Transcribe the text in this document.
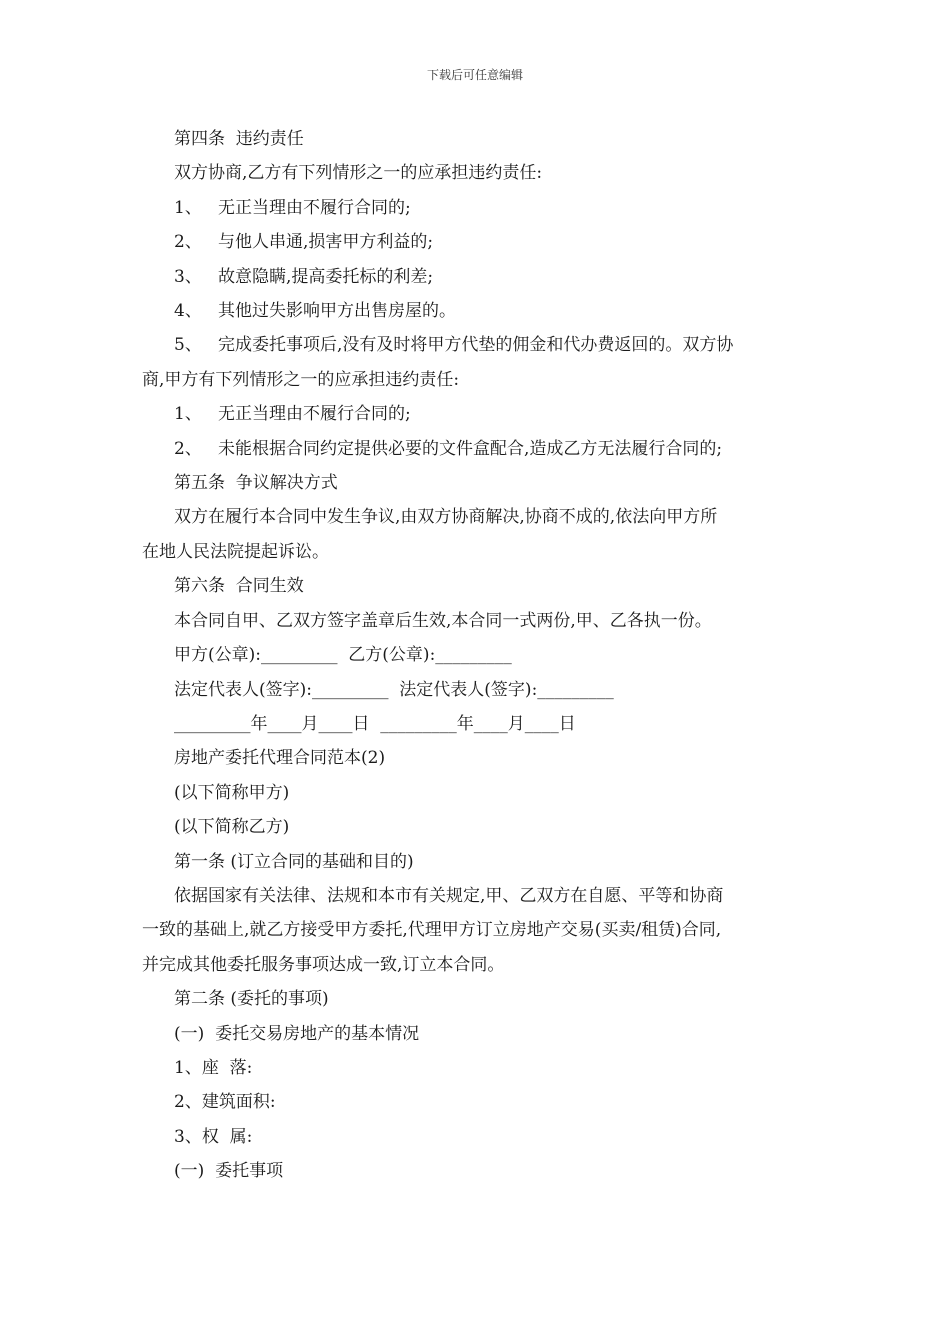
下载后可任意编辑

第四条  违约责任

双方协商,乙方有下列情形之一的应承担违约责任:

1、   无正当理由不履行合同的;

2、   与他人串通,损害甲方利益的;

3、   故意隐瞒,提高委托标的利差;

4、   其他过失影响甲方出售房屋的。

5、   完成委托事项后,没有及时将甲方代垫的佣金和代办费返回的。双方协

商,甲方有下列情形之一的应承担违约责任:

1、   无正当理由不履行合同的;

2、   未能根据合同约定提供必要的文件盒配合,造成乙方无法履行合同的;

第五条  争议解决方式

双方在履行本合同中发生争议,由双方协商解决,协商不成的,依法向甲方所

在地人民法院提起诉讼。

第六条  合同生效

本合同自甲、乙双方签字盖章后生效,本合同一式两份,甲、乙各执一份。

甲方(公章):_________  乙方(公章):_________

法定代表人(签字):_________  法定代表人(签字):_________

_________年____月____日  _________年____月____日

房地产委托代理合同范本(2)

(以下简称甲方)

(以下简称乙方)

第一条 (订立合同的基础和目的)

依据国家有关法律、法规和本市有关规定,甲、乙双方在自愿、平等和协商

一致的基础上,就乙方接受甲方委托,代理甲方订立房地产交易(买卖/租赁)合同,

并完成其他委托服务事项达成一致,订立本合同。

第二条 (委托的事项)

(一)  委托交易房地产的基本情况

1、座  落:

2、建筑面积:

3、权  属:

(一)  委托事项
